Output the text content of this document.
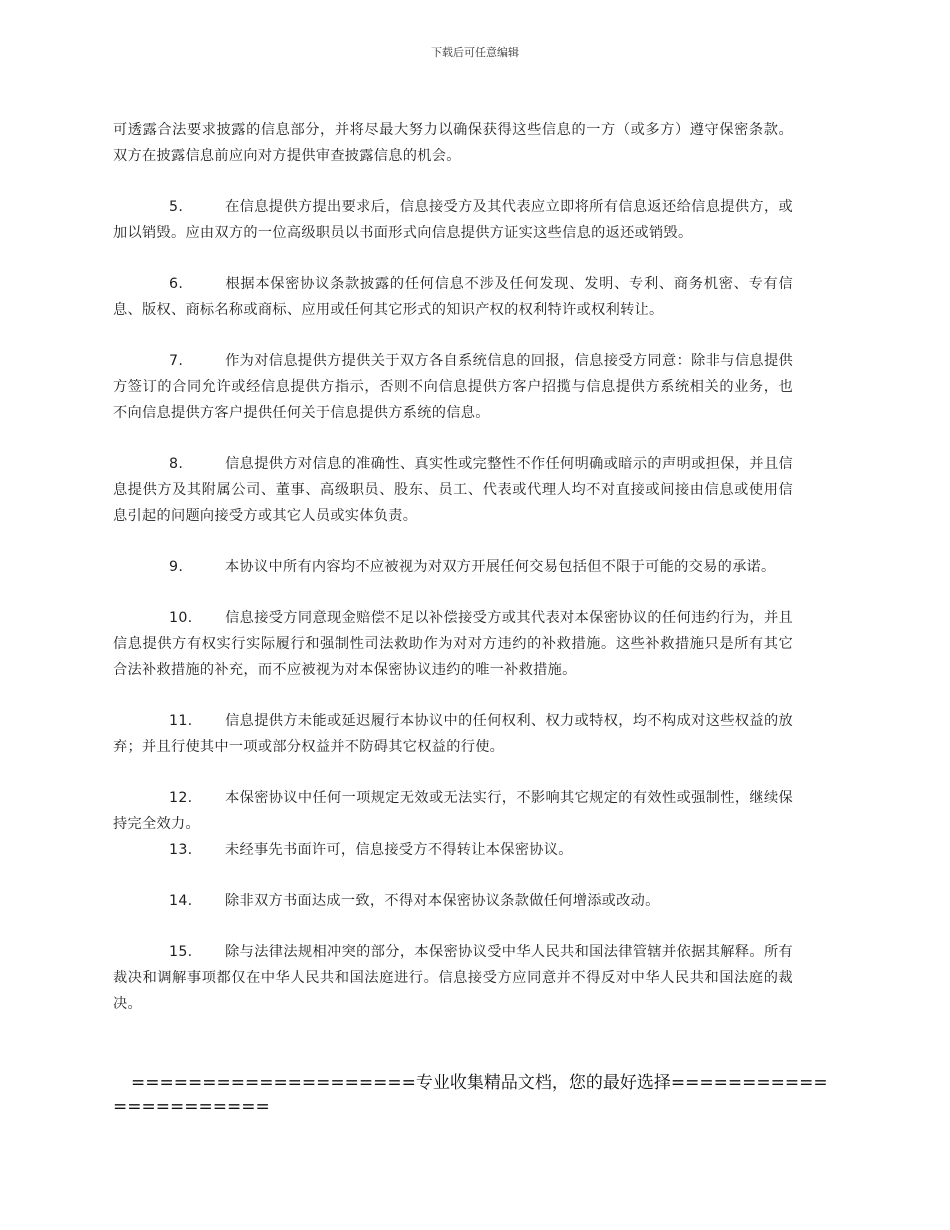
下载后可任意编辑

可透露合法要求披露的信息部分，并将尽最大努力以确保获得这些信息的一方（或多方）遵守保密条款。双方在披露信息前应向对方提供审查披露信息的机会。

5.	在信息提供方提出要求后，信息接受方及其代表应立即将所有信息返还给信息提供方，或加以销毁。应由双方的一位高级职员以书面形式向信息提供方证实这些信息的返还或销毁。

6.	根据本保密协议条款披露的任何信息不涉及任何发现、发明、专利、商务机密、专有信息、版权、商标名称或商标、应用或任何其它形式的知识产权的权利特许或权利转让。

7.	作为对信息提供方提供关于双方各自系统信息的回报，信息接受方同意：除非与信息提供方签订的合同允许或经信息提供方指示，否则不向信息提供方客户招揽与信息提供方系统相关的业务，也不向信息提供方客户提供任何关于信息提供方系统的信息。

8.	信息提供方对信息的准确性、真实性或完整性不作任何明确或暗示的声明或担保，并且信息提供方及其附属公司、董事、高级职员、股东、员工、代表或代理人均不对直接或间接由信息或使用信息引起的问题向接受方或其它人员或实体负责。

9.	本协议中所有内容均不应被视为对双方开展任何交易包括但不限于可能的交易的承诺。

10. 信息接受方同意现金赔偿不足以补偿接受方或其代表对本保密协议的任何违约行为，并且信息提供方有权实行实际履行和强制性司法救助作为对对方违约的补救措施。这些补救措施只是所有其它合法补救措施的补充，而不应被视为对本保密协议违约的唯一补救措施。

11. 信息提供方未能或延迟履行本协议中的任何权利、权力或特权，均不构成对这些权益的放弃；并且行使其中一项或部分权益并不防碍其它权益的行使。

12. 本保密协议中任何一项规定无效或无法实行，不影响其它规定的有效性或强制性，继续保持完全效力。

13. 未经事先书面许可，信息接受方不得转让本保密协议。

14. 除非双方书面达成一致，不得对本保密协议条款做任何增添或改动。

15. 除与法律法规相冲突的部分，本保密协议受中华人民共和国法律管辖并依据其解释。所有裁决和调解事项都仅在中华人民共和国法庭进行。信息接受方应同意并不得反对中华人民共和国法庭的裁决。

====================专业收集精品文档，您的最好选择======================
